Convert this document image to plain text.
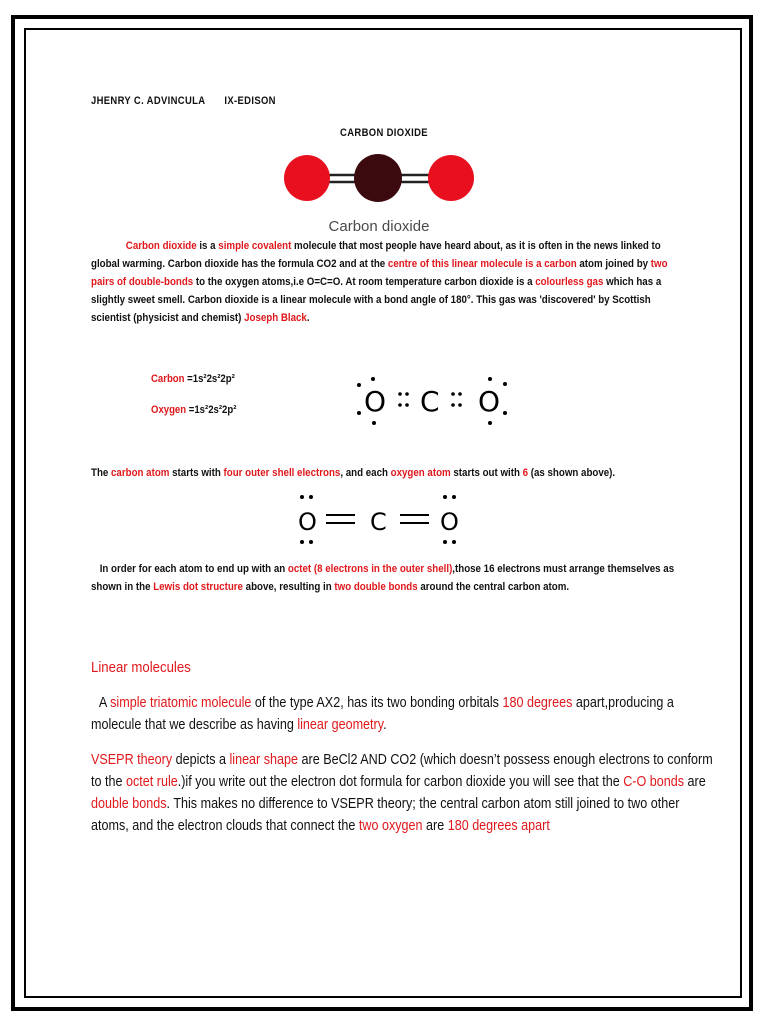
JHENRY C. ADVINCULA IX-EDISON
CARBON DIOXIDE
Carbon dioxide
Carbon dioxide is a simple covalent molecule that most people have heard about, as it is often in the news linked to global warming. Carbon dioxide has the formula CO2 and at the centre of this linear molecule is a carbon atom joined by two pairs of double-bonds to the oxygen atoms,i.e O=C=O. At room temperature carbon dioxide is a colourless gas which has a slightly sweet smell. Carbon dioxide is a linear molecule with a bond angle of 180°. This gas was 'discovered' by Scottish scientist (physicist and chemist) Joseph Black.
Carbon =1s²2s²2p²
Oxygen =1s²2s²2p²	O C O
The carbon atom starts with four outer shell electrons, and each oxygen atom starts out with 6 (as shown above).
O C O
In order for each atom to end up with an octet (8 electrons in the outer shell),those 16 electrons must arrange themselves as shown in the Lewis dot structure above, resulting in two double bonds around the central carbon atom.
Linear molecules
A simple triatomic molecule of the type AX2, has its two bonding orbitals 180 degrees apart,producing a molecule that we describe as having linear geometry.
VSEPR theory depicts a linear shape are BeCl2 AND CO2 (which doesn’t possess enough electrons to conform to the octet rule.)if you write out the electron dot formula for carbon dioxide you will see that the C-O bonds are double bonds. This makes no difference to VSEPR theory; the central carbon atom still joined to two other atoms, and the electron clouds that connect the two oxygen are 180 degrees apart
